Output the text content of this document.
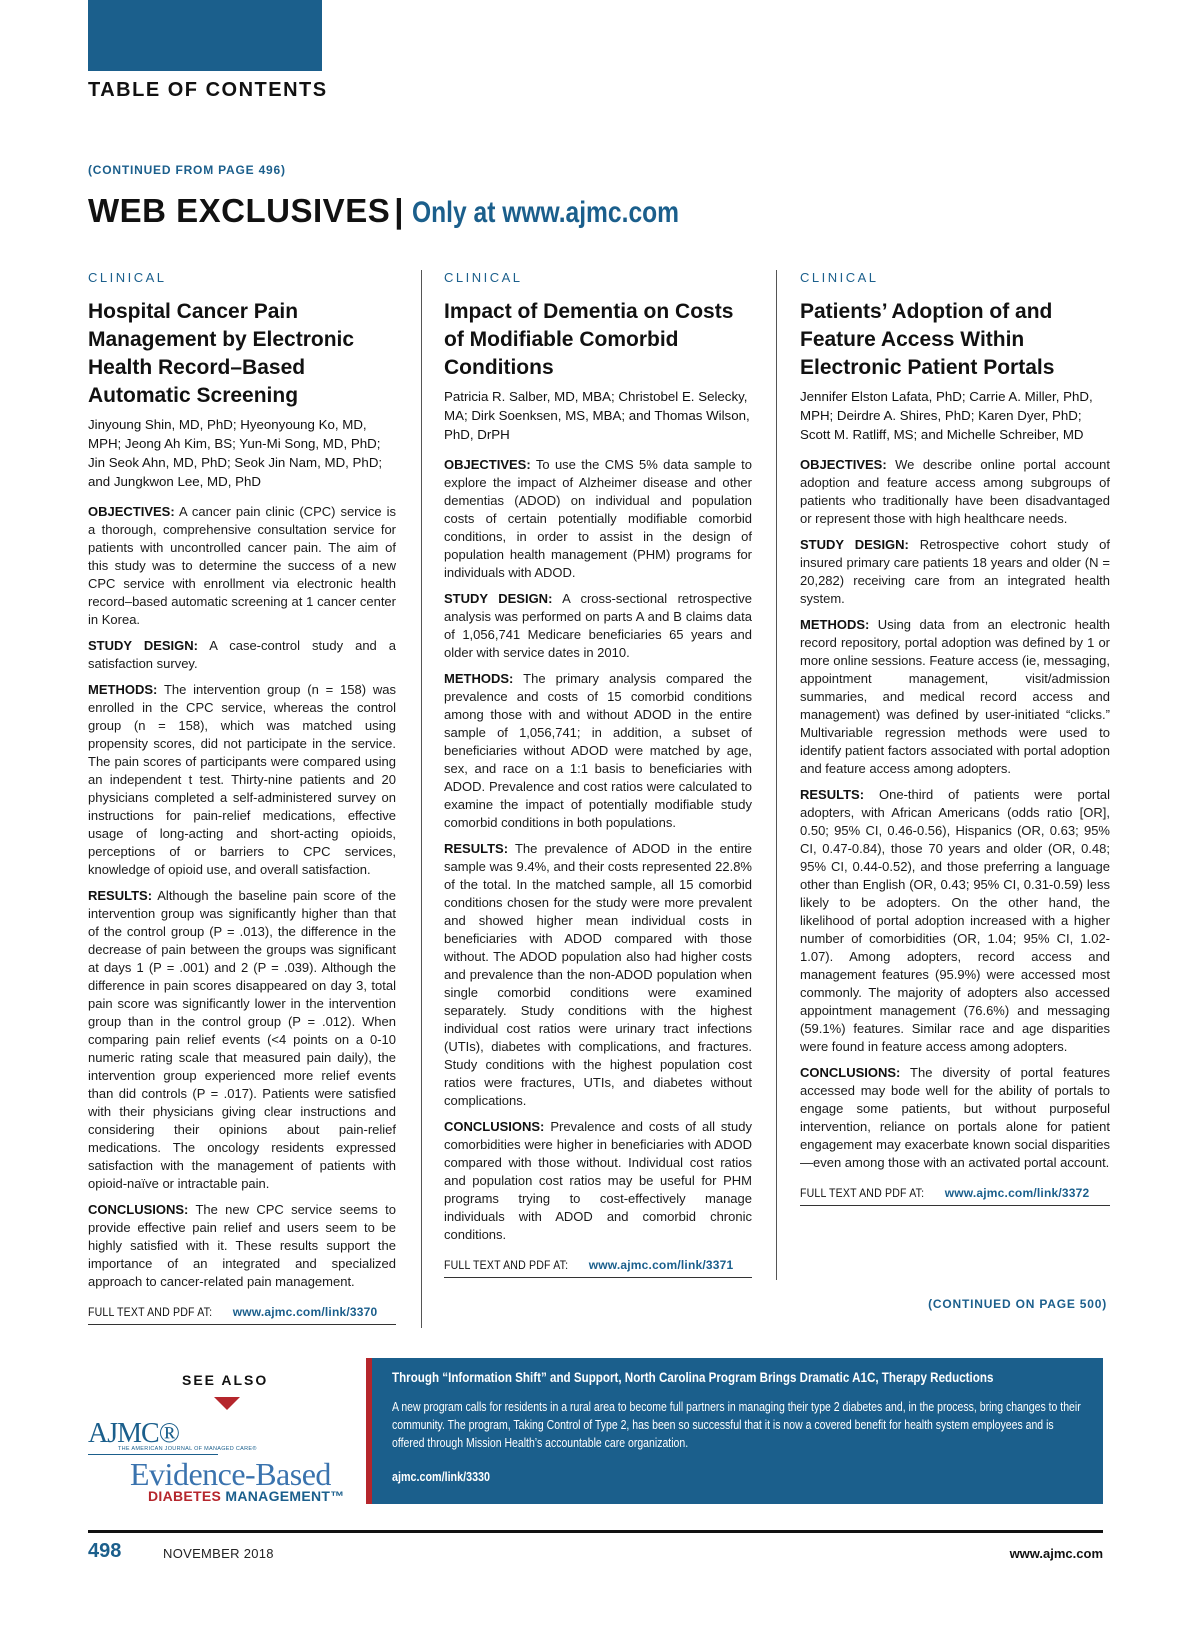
TABLE OF CONTENTS
(CONTINUED FROM PAGE 496)
WEB EXCLUSIVES | Only at www.ajmc.com
CLINICAL
Hospital Cancer Pain Management by Electronic Health Record–Based Automatic Screening
Jinyoung Shin, MD, PhD; Hyeonyoung Ko, MD, MPH; Jeong Ah Kim, BS; Yun-Mi Song, MD, PhD; Jin Seok Ahn, MD, PhD; Seok Jin Nam, MD, PhD; and Jungkwon Lee, MD, PhD

OBJECTIVES: A cancer pain clinic (CPC) service is a thorough, comprehensive consultation service for patients with uncontrolled cancer pain. The aim of this study was to determine the success of a new CPC service with enrollment via electronic health record–based automatic screening at 1 cancer center in Korea.

STUDY DESIGN: A case-control study and a satisfaction survey.

METHODS: The intervention group (n = 158) was enrolled in the CPC service, whereas the control group (n = 158), which was matched using propensity scores, did not participate in the service. The pain scores of participants were compared using an independent t test. Thirty-nine patients and 20 physicians completed a self-administered survey on instructions for pain-relief medications, effective usage of long-acting and short-acting opioids, perceptions of or barriers to CPC services, knowledge of opioid use, and overall satisfaction.

RESULTS: Although the baseline pain score of the intervention group was significantly higher than that of the control group (P = .013), the difference in the decrease of pain between the groups was significant at days 1 (P = .001) and 2 (P = .039). Although the difference in pain scores disappeared on day 3, total pain score was significantly lower in the intervention group than in the control group (P = .012). When comparing pain relief events (<4 points on a 0-10 numeric rating scale that measured pain daily), the intervention group experienced more relief events than did controls (P = .017). Patients were satisfied with their physicians giving clear instructions and considering their opinions about pain-relief medications. The oncology residents expressed satisfaction with the management of patients with opioid-naïve or intractable pain.

CONCLUSIONS: The new CPC service seems to provide effective pain relief and users seem to be highly satisfied with it. These results support the importance of an integrated and specialized approach to cancer-related pain management.

FULL TEXT AND PDF AT: www.ajmc.com/link/3370
CLINICAL
Impact of Dementia on Costs of Modifiable Comorbid Conditions
Patricia R. Salber, MD, MBA; Christobel E. Selecky, MA; Dirk Soenksen, MS, MBA; and Thomas Wilson, PhD, DrPH

OBJECTIVES: To use the CMS 5% data sample to explore the impact of Alzheimer disease and other dementias (ADOD) on individual and population costs of certain potentially modifiable comorbid conditions, in order to assist in the design of population health management (PHM) programs for individuals with ADOD.

STUDY DESIGN: A cross-sectional retrospective analysis was performed on parts A and B claims data of 1,056,741 Medicare beneficiaries 65 years and older with service dates in 2010.

METHODS: The primary analysis compared the prevalence and costs of 15 comorbid conditions among those with and without ADOD in the entire sample of 1,056,741; in addition, a subset of beneficiaries without ADOD were matched by age, sex, and race on a 1:1 basis to beneficiaries with ADOD. Prevalence and cost ratios were calculated to examine the impact of potentially modifiable study comorbid conditions in both populations.

RESULTS: The prevalence of ADOD in the entire sample was 9.4%, and their costs represented 22.8% of the total. In the matched sample, all 15 comorbid conditions chosen for the study were more prevalent and showed higher mean individual costs in beneficiaries with ADOD compared with those without. The ADOD population also had higher costs and prevalence than the non-ADOD population when single comorbid conditions were examined separately. Study conditions with the highest individual cost ratios were urinary tract infections (UTIs), diabetes with complications, and fractures. Study conditions with the highest population cost ratios were fractures, UTIs, and diabetes without complications.

CONCLUSIONS: Prevalence and costs of all study comorbidities were higher in beneficiaries with ADOD compared with those without. Individual cost ratios and population cost ratios may be useful for PHM programs trying to cost-effectively manage individuals with ADOD and comorbid chronic conditions.

FULL TEXT AND PDF AT: www.ajmc.com/link/3371
CLINICAL
Patients’ Adoption of and Feature Access Within Electronic Patient Portals
Jennifer Elston Lafata, PhD; Carrie A. Miller, PhD, MPH; Deirdre A. Shires, PhD; Karen Dyer, PhD; Scott M. Ratliff, MS; and Michelle Schreiber, MD

OBJECTIVES: We describe online portal account adoption and feature access among subgroups of patients who traditionally have been disadvantaged or represent those with high healthcare needs.

STUDY DESIGN: Retrospective cohort study of insured primary care patients 18 years and older (N = 20,282) receiving care from an integrated health system.

METHODS: Using data from an electronic health record repository, portal adoption was defined by 1 or more online sessions. Feature access (ie, messaging, appointment management, visit/admission summaries, and medical record access and management) was defined by user-initiated “clicks.” Multivariable regression methods were used to identify patient factors associated with portal adoption and feature access among adopters.

RESULTS: One-third of patients were portal adopters, with African Americans (odds ratio [OR], 0.50; 95% CI, 0.46-0.56), Hispanics (OR, 0.63; 95% CI, 0.47-0.84), those 70 years and older (OR, 0.48; 95% CI, 0.44-0.52), and those preferring a language other than English (OR, 0.43; 95% CI, 0.31-0.59) less likely to be adopters. On the other hand, the likelihood of portal adoption increased with a higher number of comorbidities (OR, 1.04; 95% CI, 1.02-1.07). Among adopters, record access and management features (95.9%) were accessed most commonly. The majority of adopters also accessed appointment management (76.6%) and messaging (59.1%) features. Similar race and age disparities were found in feature access among adopters.

CONCLUSIONS: The diversity of portal features accessed may bode well for the ability of portals to engage some patients, but without purposeful intervention, reliance on portals alone for patient engagement may exacerbate known social disparities—even among those with an activated portal account.

FULL TEXT AND PDF AT: www.ajmc.com/link/3372
(CONTINUED ON PAGE 500)
SEE ALSO
AJMC®
THE AMERICAN JOURNAL OF MANAGED CARE®
Evidence-Based
DIABETES MANAGEMENT™
Through “Information Shift” and Support, North Carolina Program Brings Dramatic A1C, Therapy Reductions
A new program calls for residents in a rural area to become full partners in managing their type 2 diabetes and, in the process, bring changes to their community. The program, Taking Control of Type 2, has been so successful that it is now a covered benefit for health system employees and is offered through Mission Health’s accountable care organization.
ajmc.com/link/3330
498	NOVEMBER 2018	www.ajmc.com
